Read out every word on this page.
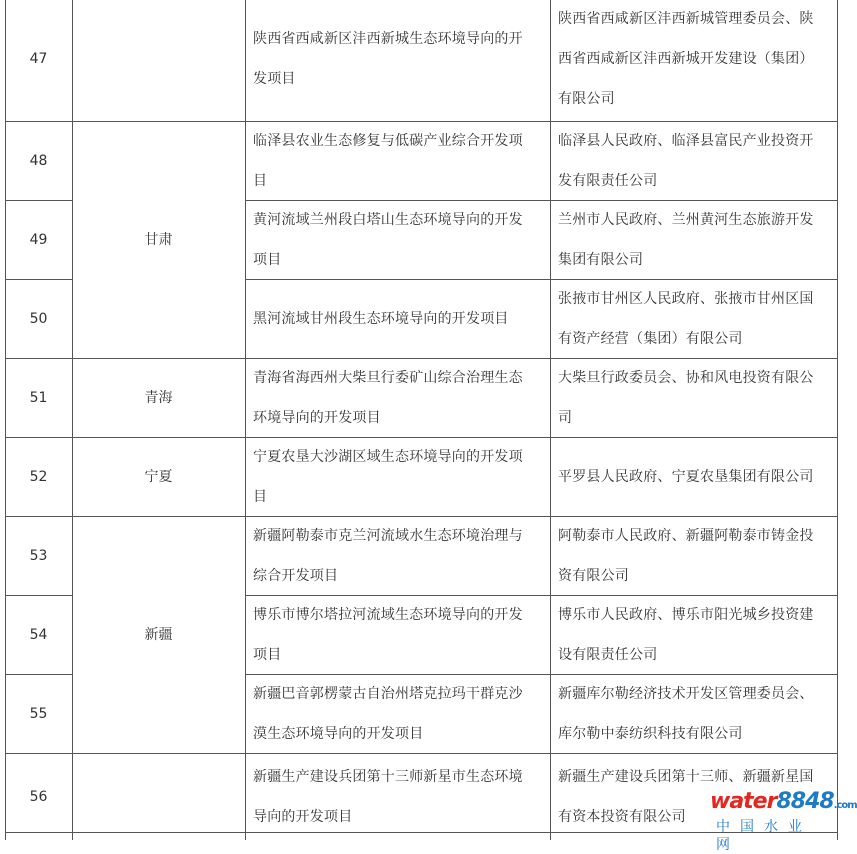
47
陕西省西咸新区沣西新城生态环境导向的开
发项目
陕西省西咸新区沣西新城管理委员会、陕
西省西咸新区沣西新城开发建设（集团）
有限公司
48
临泽县农业生态修复与低碳产业综合开发项
目
临泽县人民政府、临泽县富民产业投资开
发有限责任公司
49
黄河流域兰州段白塔山生态环境导向的开发
项目
兰州市人民政府、兰州黄河生态旅游开发
集团有限公司
50	黑河流域甘州段生态环境导向的开发项目
张掖市甘州区人民政府、张掖市甘州区国
有资产经营（集团）有限公司
51
青海省海西州大柴旦行委矿山综合治理生态
环境导向的开发项目
大柴旦行政委员会、协和风电投资有限公
司
52
宁夏农垦大沙湖区域生态环境导向的开发项
目
平罗县人民政府、宁夏农垦集团有限公司
53
新疆阿勒泰市克兰河流域水生态环境治理与
综合开发项目
阿勒泰市人民政府、新疆阿勒泰市铸金投
资有限公司
54
博乐市博尔塔拉河流域生态环境导向的开发
项目
博乐市人民政府、博乐市阳光城乡投资建
设有限责任公司
55
新疆巴音郭楞蒙古自治州塔克拉玛干群克沙
漠生态环境导向的开发项目
新疆库尔勒经济技术开发区管理委员会、
库尔勒中泰纺织科技有限公司
56
新疆生产建设兵团第十三师新星市生态环境
导向的开发项目
新疆生产建设兵团第十三师、新疆新星国
有资本投资有限公司
甘肃
青海
宁夏
新疆
water8848.com
中国水业网
